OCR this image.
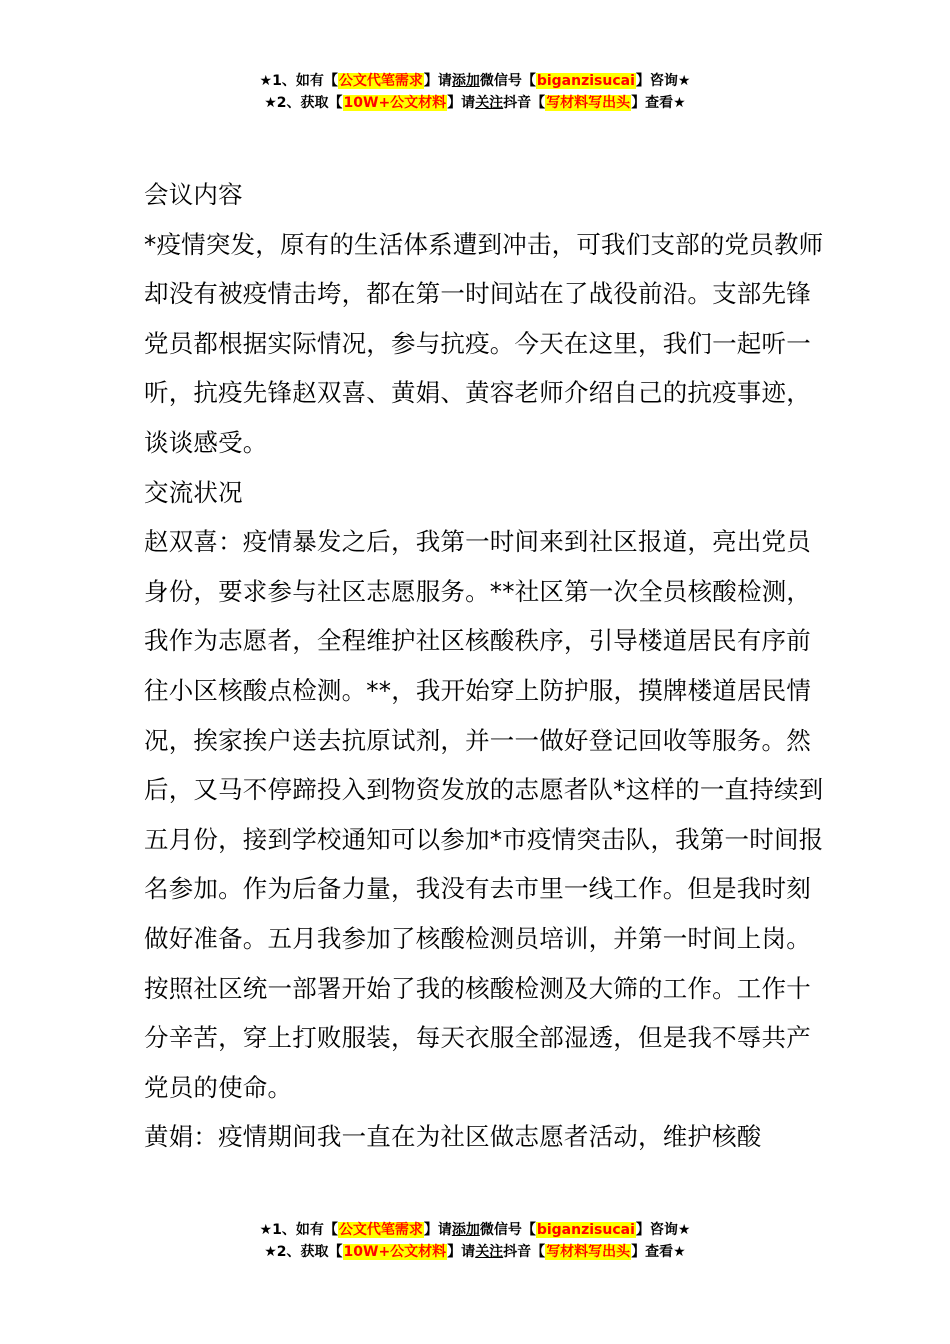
★1、如有【公文代笔需求】请添加微信号【biganzisucai】咨询★
★2、获取【10W+公文材料】请关注抖音【写材料写出头】查看★

会议内容

*疫情突发，原有的生活体系遭到冲击，可我们支部的党员教师却没有被疫情击垮，都在第一时间站在了战役前沿。支部先锋党员都根据实际情况，参与抗疫。今天在这里，我们一起听一听，抗疫先锋赵双喜、黄娟、黄容老师介绍自己的抗疫事迹，谈谈感受。

交流状况

赵双喜：疫情暴发之后，我第一时间来到社区报道，亮出党员身份，要求参与社区志愿服务。**社区第一次全员核酸检测，我作为志愿者，全程维护社区核酸秩序，引导楼道居民有序前往小区核酸点检测。**，我开始穿上防护服，摸牌楼道居民情况，挨家挨户送去抗原试剂，并一一做好登记回收等服务。然后，又马不停蹄投入到物资发放的志愿者队*这样的一直持续到五月份，接到学校通知可以参加*市疫情突击队，我第一时间报名参加。作为后备力量，我没有去市里一线工作。但是我时刻做好准备。五月我参加了核酸检测员培训，并第一时间上岗。按照社区统一部署开始了我的核酸检测及大筛的工作。工作十分辛苦，穿上打败服装，每天衣服全部湿透，但是我不辱共产党员的使命。

黄娟：疫情期间我一直在为社区做志愿者活动，维护核酸

★1、如有【公文代笔需求】请添加微信号【biganzisucai】咨询★
★2、获取【10W+公文材料】请关注抖音【写材料写出头】查看★
